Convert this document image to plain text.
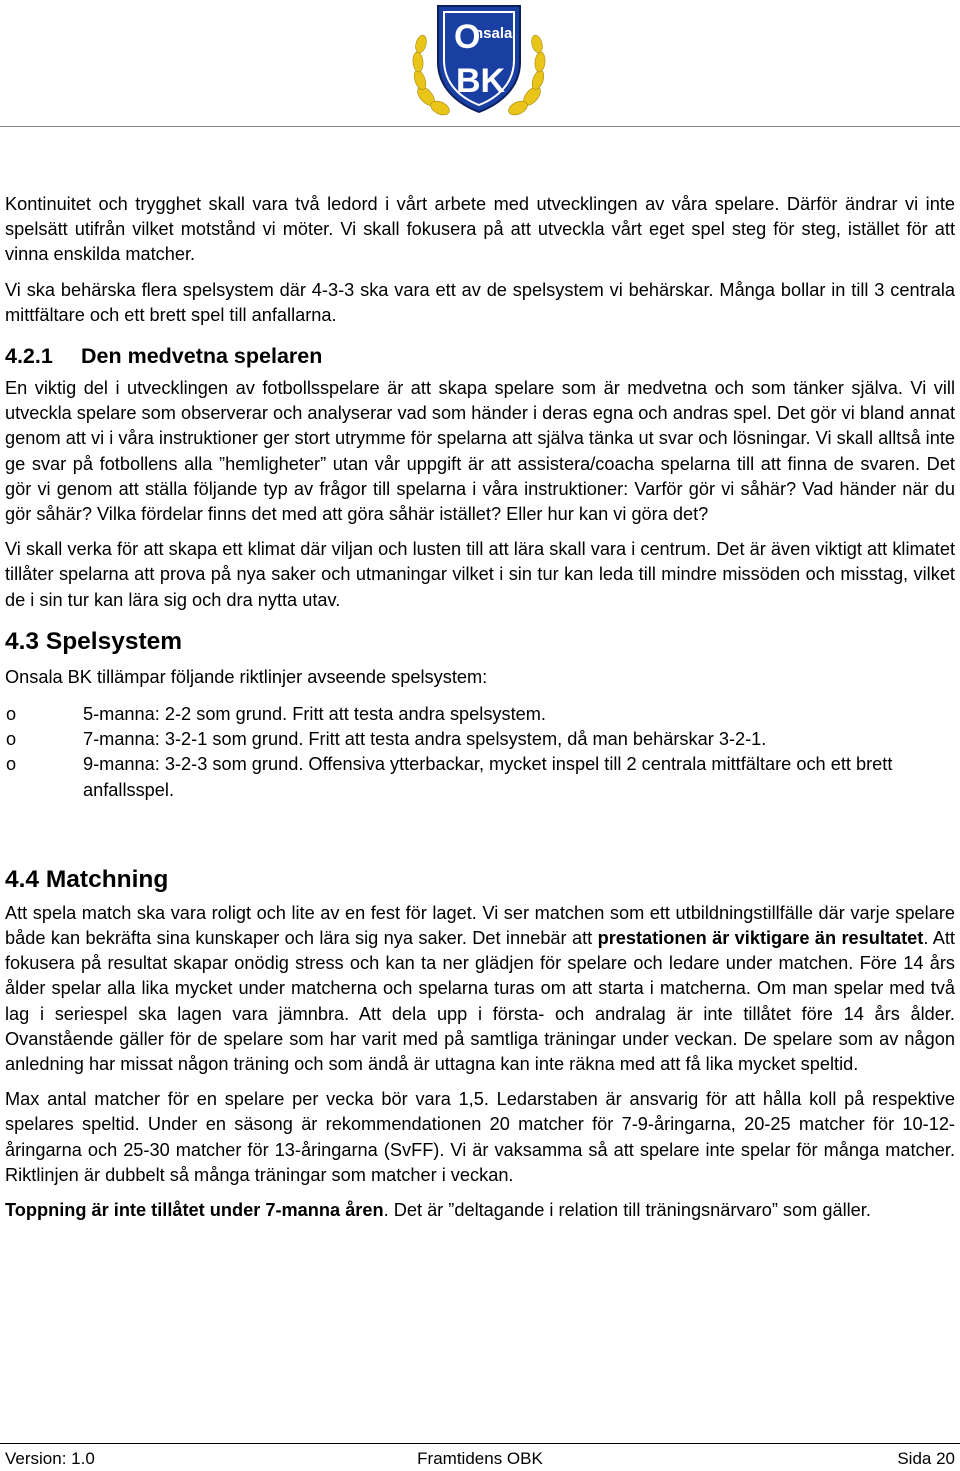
O
nsala
BK

Kontinuitet och trygghet skall vara två ledord i vårt arbete med utvecklingen av våra spelare. Därför ändrar vi inte spelsätt utifrån vilket motstånd vi möter. Vi skall fokusera på att utveckla vårt eget spel steg för steg, istället för att vinna enskilda matcher.

Vi ska behärska flera spelsystem där 4-3-3 ska vara ett av de spelsystem vi behärskar. Många bollar in till 3 centrala mittfältare och ett brett spel till anfallarna.

4.2.1 Den medvetna spelaren

En viktig del i utvecklingen av fotbollsspelare är att skapa spelare som är medvetna och som tänker själva. Vi vill utveckla spelare som observerar och analyserar vad som händer i deras egna och andras spel. Det gör vi bland annat genom att vi i våra instruktioner ger stort utrymme för spelarna att själva tänka ut svar och lösningar. Vi skall alltså inte ge svar på fotbollens alla ”hemligheter” utan vår uppgift är att assistera/coacha spelarna till att finna de svaren. Det gör vi genom att ställa följande typ av frågor till spelarna i våra instruktioner: Varför gör vi såhär? Vad händer när du gör såhär? Vilka fördelar finns det med att göra såhär istället? Eller hur kan vi göra det?

Vi skall verka för att skapa ett klimat där viljan och lusten till att lära skall vara i centrum. Det är även viktigt att klimatet tillåter spelarna att prova på nya saker och utmaningar vilket i sin tur kan leda till mindre missöden och misstag, vilket de i sin tur kan lära sig och dra nytta utav.

4.3 Spelsystem

Onsala BK tillämpar följande riktlinjer avseende spelsystem:

o	5-manna: 2-2 som grund. Fritt att testa andra spelsystem.
o	7-manna: 3-2-1 som grund. Fritt att testa andra spelsystem, då man behärskar 3-2-1.
o	9-manna: 3-2-3 som grund. Offensiva ytterbackar, mycket inspel till 2 centrala mittfältare och ett brett anfallsspel.
4.4 Matchning

Att spela match ska vara roligt och lite av en fest för laget. Vi ser matchen som ett utbildningstillfälle där varje spelare både kan bekräfta sina kunskaper och lära sig nya saker. Det innebär att prestationen är viktigare än resultatet. Att fokusera på resultat skapar onödig stress och kan ta ner glädjen för spelare och ledare under matchen. Före 14 års ålder spelar alla lika mycket under matcherna och spelarna turas om att starta i matcherna. Om man spelar med två lag i seriespel ska lagen vara jämnbra. Att dela upp i första- och andralag är inte tillåtet före 14 års ålder. Ovanstående gäller för de spelare som har varit med på samtliga träningar under veckan. De spelare som av någon anledning har missat någon träning och som ändå är uttagna kan inte räkna med att få lika mycket speltid.

Max antal matcher för en spelare per vecka bör vara 1,5. Ledarstaben är ansvarig för att hålla koll på respektive spelares speltid. Under en säsong är rekommendationen 20 matcher för 7-9-åringarna, 20-25 matcher för 10-12-åringarna och 25-30 matcher för 13-åringarna (SvFF). Vi är vaksamma så att spelare inte spelar för många matcher. Riktlinjen är dubbelt så många träningar som matcher i veckan.

Toppning är inte tillåtet under 7-manna åren. Det är ”deltagande i relation till träningsnärvaro” som gäller.

Version: 1.0	Framtidens OBK	Sida 20
